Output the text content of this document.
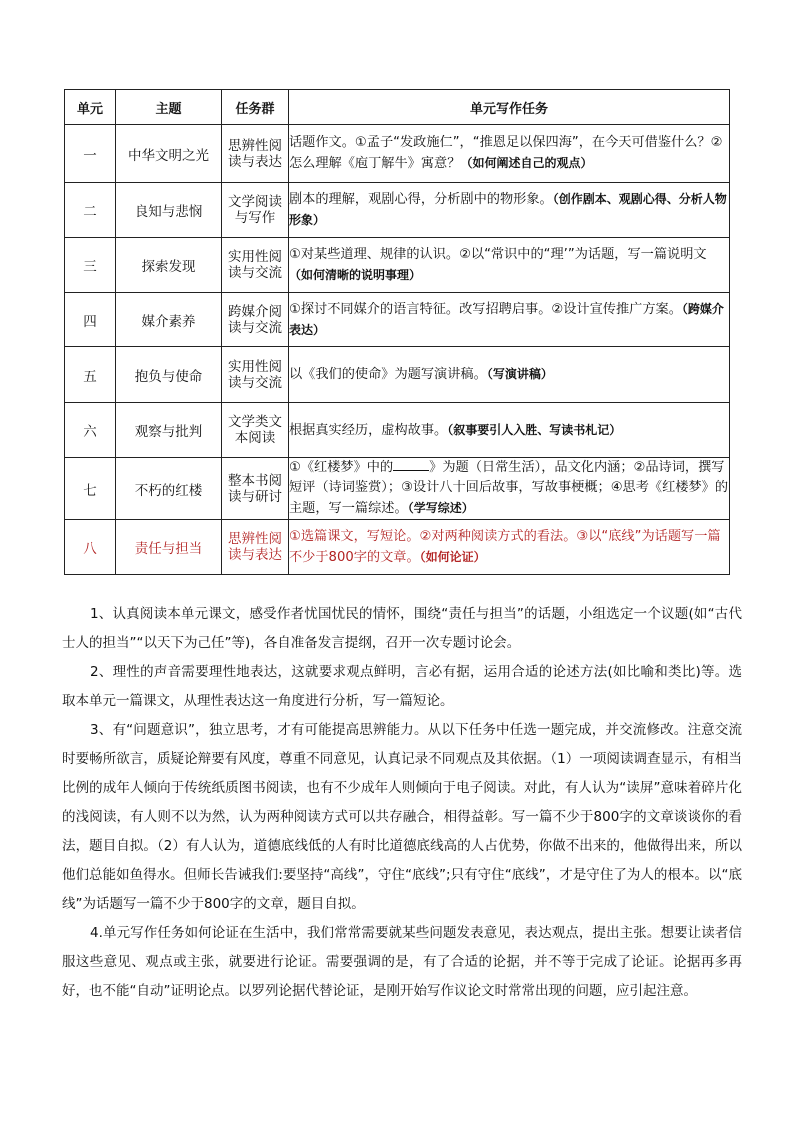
单元	主题	任务群	单元写作任务
一	中华文明之光	思辨性阅读与表达	话题作文。①孟子“发政施仁”，“推恩足以保四海”，在今天可借鉴什么？②怎么理解《庖丁解牛》寓意？（如何阐述自己的观点）
二	良知与悲悯	文学阅读与写作	剧本的理解，观剧心得，分析剧中的物形象。（创作剧本、观剧心得、分析人物形象）
三	探索发现	实用性阅读与交流	①对某些道理、规律的认识。②以“常识中的“理’”为话题，写一篇说明文（如何清晰的说明事理）
四	媒介素养	跨媒介阅读与交流	①探讨不同媒介的语言特征。改写招聘启事。②设计宣传推广方案。（跨媒介表达）
五	抱负与使命	实用性阅读与交流	以《我们的使命》为题写演讲稿。（写演讲稿）
六	观察与批判	文学类文本阅读	根据真实经历，虚构故事。（叙事要引人入胜、写读书札记）
七	不朽的红楼	整本书阅读与研讨	①《红楼梦》中的 》为题（日常生活），品文化内涵；②品诗词，撰写短评（诗词鉴赏）；③设计八十回后故事，写故事梗概；④思考《红楼梦》的主题，写一篇综述。（学写综述）
八	责任与担当	思辨性阅读与表达	①选篇课文，写短论。②对两种阅读方式的看法。③以“底线”为话题写一篇不少于800字的文章。（如何论证）

1、认真阅读本单元课文，感受作者忧国忧民的情怀，围绕“责任与担当”的话题，小组选定一个议题(如“古代士人的担当”“以天下为己任”等)，各自准备发言提纲，召开一次专题讨论会。

2、理性的声音需要理性地表达，这就要求观点鲜明，言必有据，运用合适的论述方法(如比喻和类比)等。选取本单元一篇课文，从理性表达这一角度进行分析，写一篇短论。

3、有“问题意识”，独立思考，才有可能提高思辨能力。从以下任务中任选一题完成，并交流修改。注意交流时要畅所欲言，质疑论辩要有风度，尊重不同意见，认真记录不同观点及其依据。（1）一项阅读调查显示，有相当比例的成年人倾向于传统纸质图书阅读，也有不少成年人则倾向于电子阅读。对此，有人认为“读屏”意味着碎片化的浅阅读，有人则不以为然，认为两种阅读方式可以共存融合，相得益彰。写一篇不少于800字的文章谈谈你的看法，题目自拟。（2）有人认为，道德底线低的人有时比道德底线高的人占优势，你做不出来的，他做得出来，所以他们总能如鱼得水。但师长告诫我们:要坚持“高线”，守住“底线”;只有守住“底线”，才是守住了为人的根本。以“底线”为话题写一篇不少于800字的文章，题目自拟。

4.单元写作任务如何论证在生活中，我们常常需要就某些问题发表意见，表达观点，提出主张。想要让读者信服这些意见、观点或主张，就要进行论证。需要强调的是，有了合适的论据，并不等于完成了论证。论据再多再好，也不能“自动”证明论点。以罗列论据代替论证，是刚开始写作议论文时常常出现的问题，应引起注意。
